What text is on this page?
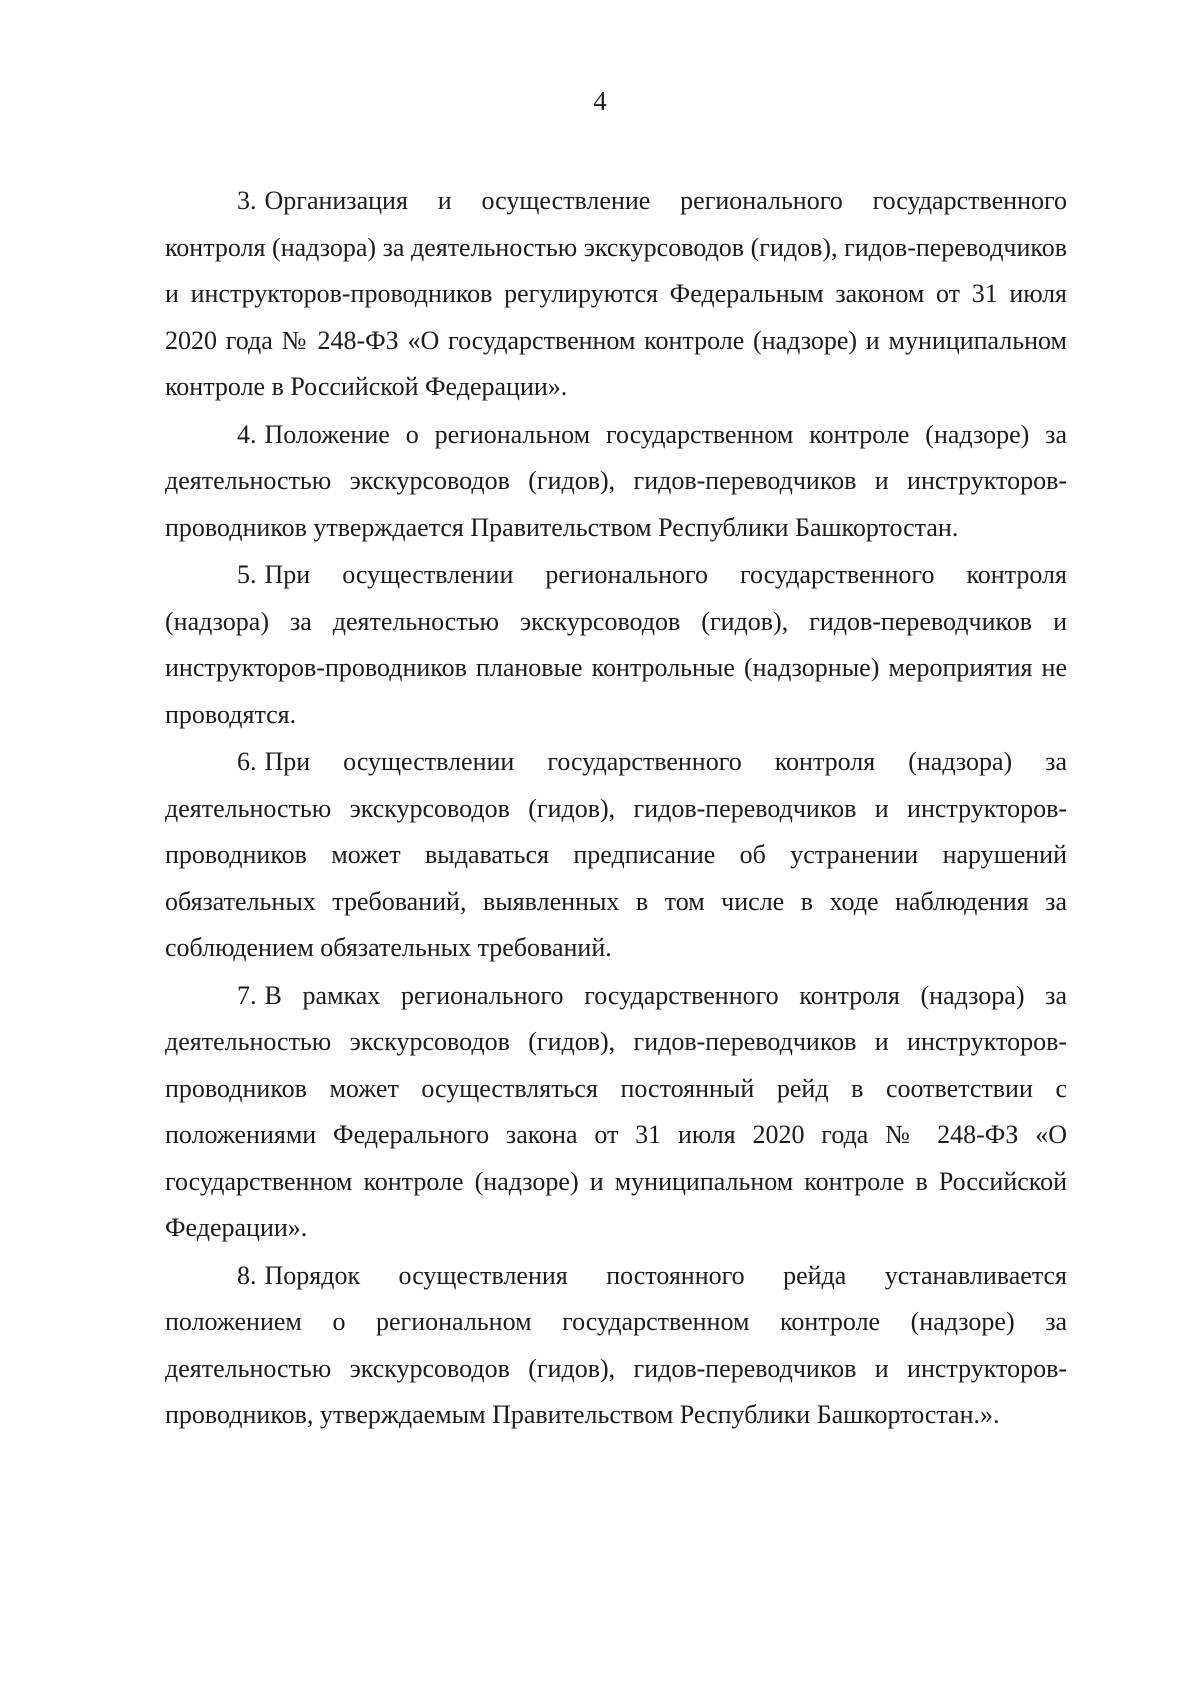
4

3. Организация и осуществление регионального государственного контроля (надзора) за деятельностью экскурсоводов (гидов), гидов-переводчиков и инструкторов-проводников регулируются Федеральным законом от 31 июля 2020 года № 248-ФЗ «О государственном контроле (надзоре) и муниципальном контроле в Российской Федерации».

4. Положение о региональном государственном контроле (надзоре) за деятельностью экскурсоводов (гидов), гидов-переводчиков и инструкторов-проводников утверждается Правительством Республики Башкортостан.

5. При осуществлении регионального государственного контроля (надзора) за деятельностью экскурсоводов (гидов), гидов-переводчиков и инструкторов-проводников плановые контрольные (надзорные) мероприятия не проводятся.

6. При осуществлении государственного контроля (надзора) за деятельностью экскурсоводов (гидов), гидов-переводчиков и инструкторов-проводников может выдаваться предписание об устранении нарушений обязательных требований, выявленных в том числе в ходе наблюдения за соблюдением обязательных требований.

7. В рамках регионального государственного контроля (надзора) за деятельностью экскурсоводов (гидов), гидов-переводчиков и инструкторов-проводников может осуществляться постоянный рейд в соответствии с положениями Федерального закона от 31 июля 2020 года № 248-ФЗ «О государственном контроле (надзоре) и муниципальном контроле в Российской Федерации».

8. Порядок осуществления постоянного рейда устанавливается положением о региональном государственном контроле (надзоре) за деятельностью экскурсоводов (гидов), гидов-переводчиков и инструкторов-проводников, утверждаемым Правительством Республики Башкортостан.».
